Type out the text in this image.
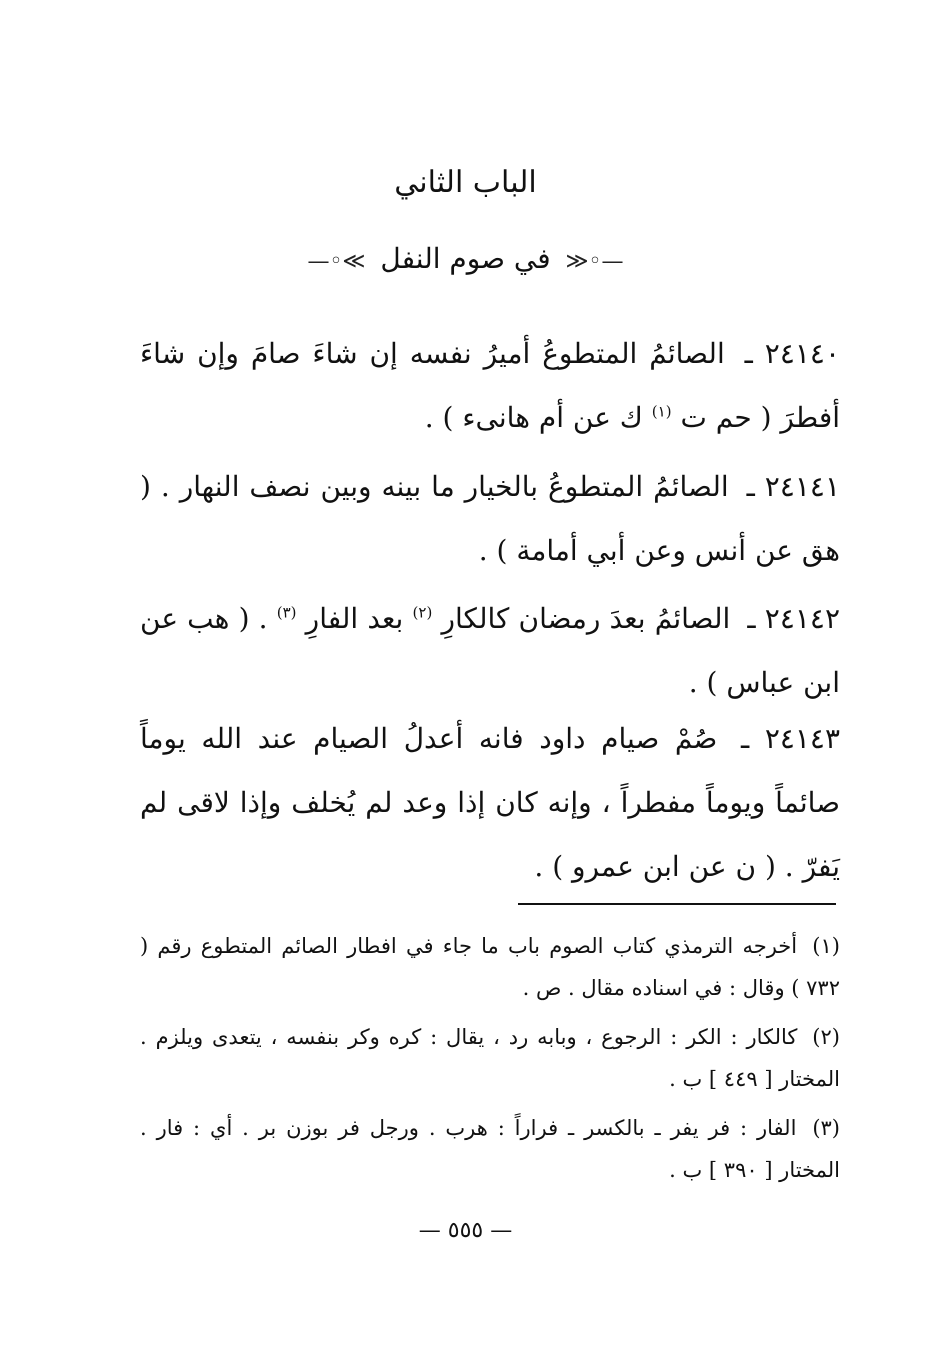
الباب الثاني
—◦≪ في صوم النفل ≫◦—
٢٤١٤٠ ـ الصائمُ المتطوعُ أميرُ نفسه إن شاءَ صامَ وإن شاءَ أفطرَ ( حم ت $^{(١)}$ ك عن أم هانىء ) .
٢٤١٤١ ـ الصائمُ المتطوعُ بالخيار ما بينه وبين نصف النهار . ( هق عن أنس وعن أبي أمامة ) .
٢٤١٤٢ ـ الصائمُ بعدَ رمضان كالكارِ $^{(٢)}$ بعد الفارِ $^{(٣)}$ . ( هب عن ابن عباس ) .
٢٤١٤٣ ـ صُمْ صيام داود فانه أعدلُ الصيام عند الله يوماً صائماً ويوماً مفطراً ، وإنه كان إذا وعد لم يُخلف وإذا لاقى لم يَفرّ . ( ن عن ابن عمرو ) .
(١) أخرجه الترمذي كتاب الصوم باب ما جاء في افطار الصائم المتطوع رقم ( ٧٣٢ ) وقال : في اسناده مقال . ص .
(٢) كالكار : الكر : الرجوع ، وبابه رد ، يقال : كره وكر بنفسه ، يتعدى ويلزم . المختار [ ٤٤٩ ] ب .
(٣) الفار : فر يفر ـ بالكسر ـ فراراً : هرب . ورجل فر بوزن بر . أي : فار . المختار [ ٣٩٠ ] ب .
— ٥٥٥ —
